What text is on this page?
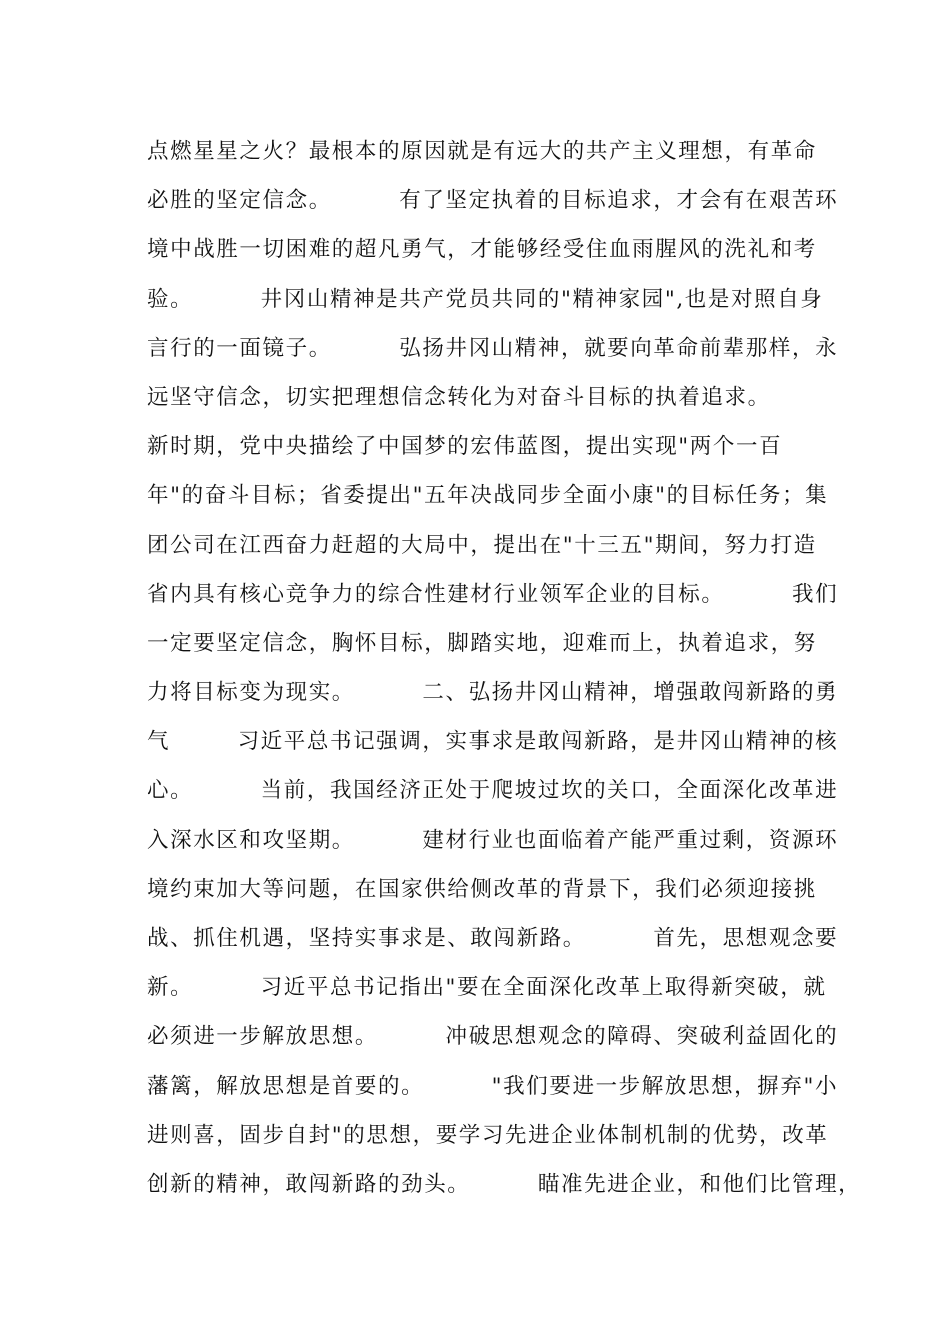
点燃星星之火？最根本的原因就是有远大的共产主义理想，有革命
必胜的坚定信念。        有了坚定执着的目标追求，才会有在艰苦环
境中战胜一切困难的超凡勇气，才能够经受住血雨腥风的洗礼和考
验。        井冈山精神是共产党员共同的"精神家园",也是对照自身
言行的一面镜子。        弘扬井冈山精神，就要向革命前辈那样，永
远坚守信念，切实把理想信念转化为对奋斗目标的执着追求。
新时期，党中央描绘了中国梦的宏伟蓝图，提出实现"两个一百
年"的奋斗目标；省委提出"五年决战同步全面小康"的目标任务；集
团公司在江西奋力赶超的大局中，提出在"十三五"期间，努力打造
省内具有核心竞争力的综合性建材行业领军企业的目标。        我们
一定要坚定信念，胸怀目标，脚踏实地，迎难而上，执着追求，努
力将目标变为现实。        二、弘扬井冈山精神，增强敢闯新路的勇
气        习近平总书记强调，实事求是敢闯新路，是井冈山精神的核
心。        当前，我国经济正处于爬坡过坎的关口，全面深化改革进
入深水区和攻坚期。        建材行业也面临着产能严重过剩，资源环
境约束加大等问题，在国家供给侧改革的背景下，我们必须迎接挑
战、抓住机遇，坚持实事求是、敢闯新路。        首先，思想观念要
新。        习近平总书记指出"要在全面深化改革上取得新突破，就
必须进一步解放思想。        冲破思想观念的障碍、突破利益固化的
藩篱，解放思想是首要的。        "我们要进一步解放思想，摒弃"小
进则喜，固步自封"的思想，要学习先进企业体制机制的优势，改革
创新的精神，敢闯新路的劲头。        瞄准先进企业，和他们比管理，
